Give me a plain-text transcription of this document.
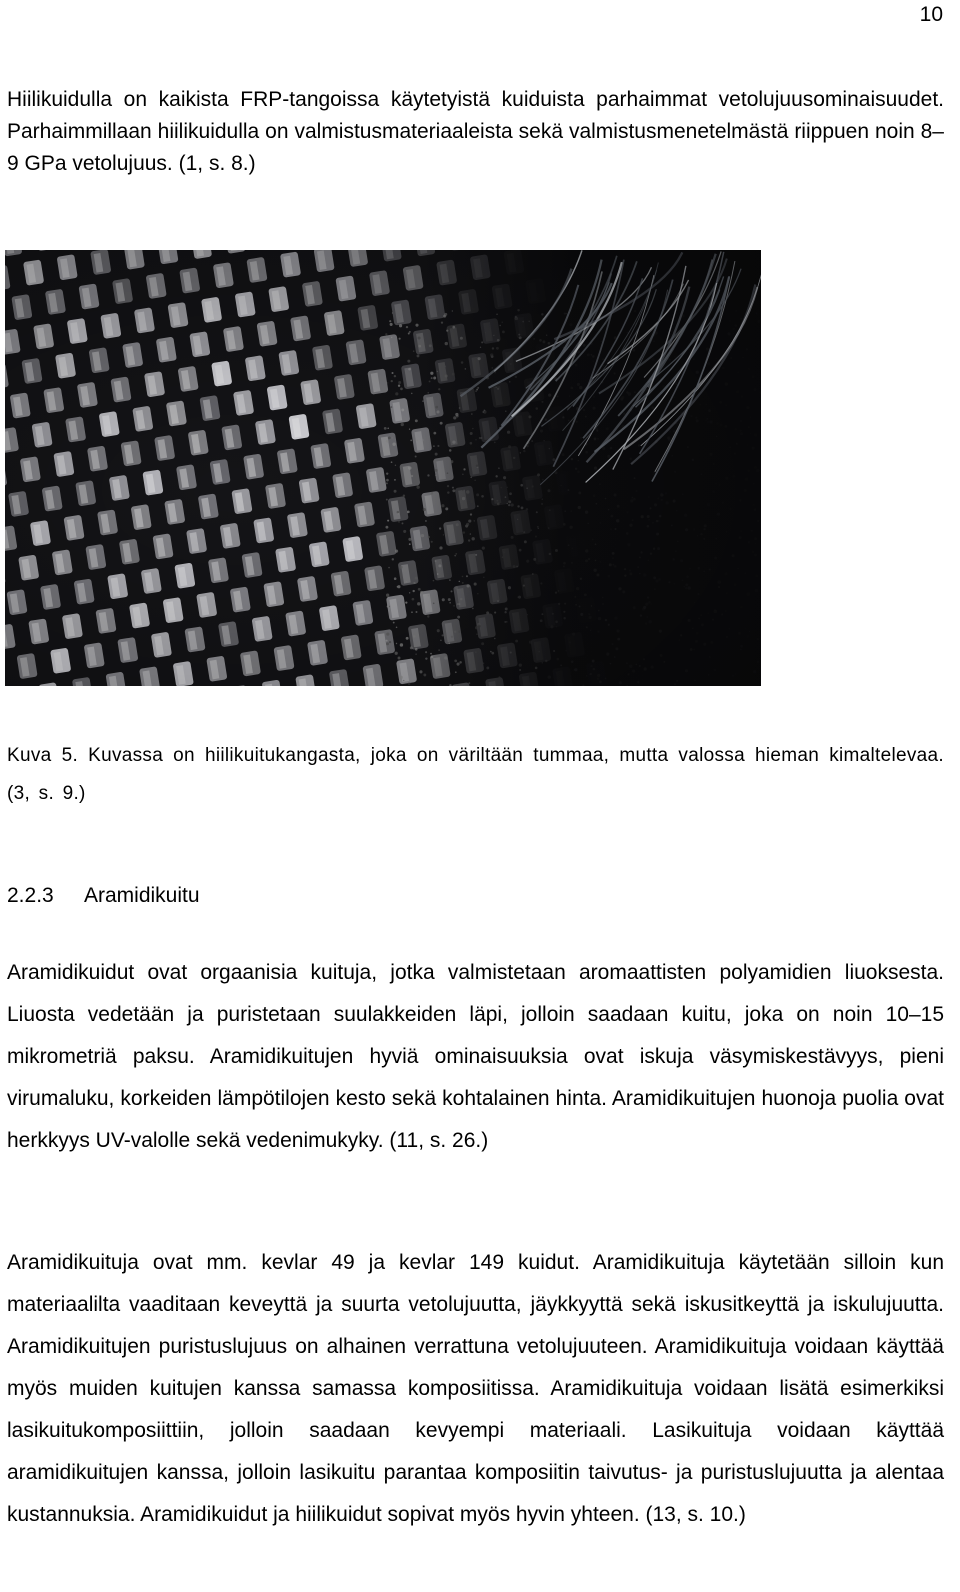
10

Hiilikuidulla on kaikista FRP-tangoissa käytetyistä kuiduista parhaimmat vetolujuusominaisuudet. Parhaimmillaan hiilikuidulla on valmistusmateriaaleista sekä valmistusmenetelmästä riippuen noin 8–9 GPa vetolujuus. (1, s. 8.)

Kuva 5. Kuvassa on hiilikuitukangasta, joka on väriltään tummaa, mutta valossa hieman kimaltelevaa. (3, s. 9.)

2.2.3 Aramidikuitu

Aramidikuidut ovat orgaanisia kuituja, jotka valmistetaan aromaattisten polyamidien liuoksesta. Liuosta vedetään ja puristetaan suulakkeiden läpi, jolloin saadaan kuitu, joka on noin 10–15 mikrometriä paksu. Aramidikuitujen hyviä ominaisuuksia ovat iskuja väsymiskestävyys, pieni virumaluku, korkeiden lämpötilojen kesto sekä kohtalainen hinta. Aramidikuitujen huonoja puolia ovat herkkyys UV-valolle sekä vedenimukyky. (11, s. 26.)

Aramidikuituja ovat mm. kevlar 49 ja kevlar 149 kuidut. Aramidikuituja käytetään silloin kun materiaalilta vaaditaan keveyttä ja suurta vetolujuutta, jäykkyyttä sekä iskusitkeyttä ja iskulujuutta. Aramidikuitujen puristuslujuus on alhainen verrattuna vetolujuuteen. Aramidikuituja voidaan käyttää myös muiden kuitujen kanssa samassa komposiitissa. Aramidikuituja voidaan lisätä esimerkiksi lasikuitukomposiittiin, jolloin saadaan kevyempi materiaali. Lasikuituja voidaan käyttää aramidikuitujen kanssa, jolloin lasikuitu parantaa komposiitin taivutus- ja puristuslujuutta ja alentaa kustannuksia. Aramidikuidut ja hiilikuidut sopivat myös hyvin yhteen. (13, s. 10.)
